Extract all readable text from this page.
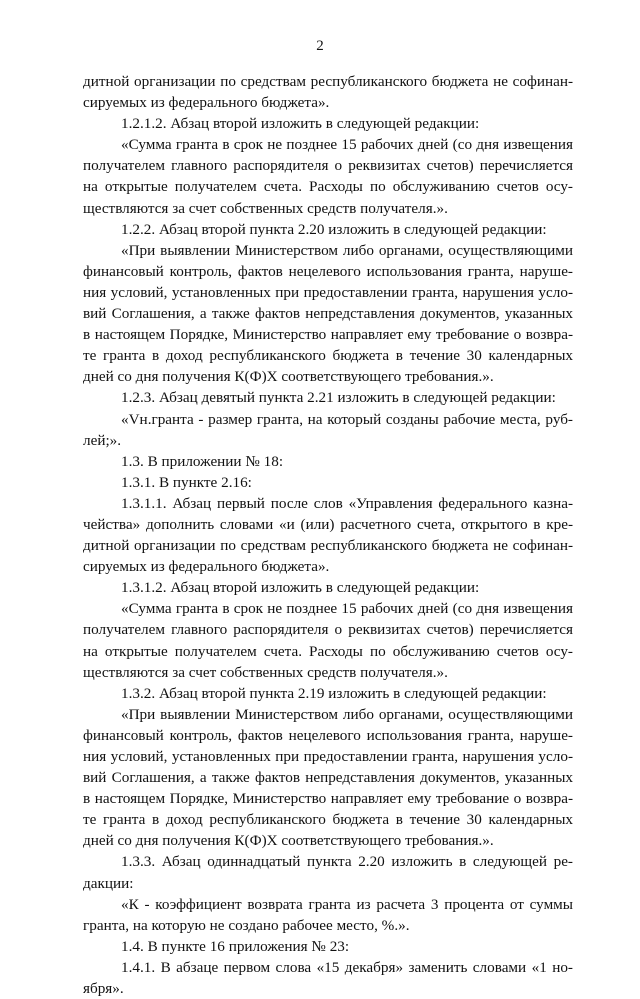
2
дитной организации по средствам республиканского бюджета не софинан-
сируемых из федерального бюджета».
1.2.1.2. Абзац второй изложить в следующей редакции:
«Сумма гранта в срок не позднее 15 рабочих дней (со дня извещения
получателем главного распорядителя о реквизитах счетов) перечисляется
на открытые получателем счета. Расходы по обслуживанию счетов осу-
ществляются за счет собственных средств получателя.».
1.2.2. Абзац второй пункта 2.20 изложить в следующей редакции:
«При выявлении Министерством либо органами, осуществляющими
финансовый контроль, фактов нецелевого использования гранта, наруше-
ния условий, установленных при предоставлении гранта, нарушения усло-
вий Соглашения, а также фактов непредставления документов, указанных
в настоящем Порядке, Министерство направляет ему требование о возвра-
те гранта в доход республиканского бюджета в течение 30 календарных
дней со дня получения К(Ф)Х соответствующего требования.».
1.2.3. Абзац девятый пункта 2.21 изложить в следующей редакции:
«Vн.гранта - размер гранта, на который созданы рабочие места, руб-
лей;».
1.3. В приложении № 18:
1.3.1. В пункте 2.16:
1.3.1.1. Абзац первый после слов «Управления федерального казна-
чейства» дополнить словами «и (или) расчетного счета, открытого в кре-
дитной организации по средствам республиканского бюджета не софинан-
сируемых из федерального бюджета».
1.3.1.2. Абзац второй изложить в следующей редакции:
«Сумма гранта в срок не позднее 15 рабочих дней (со дня извещения
получателем главного распорядителя о реквизитах счетов) перечисляется
на открытые получателем счета. Расходы по обслуживанию счетов осу-
ществляются за счет собственных средств получателя.».
1.3.2. Абзац второй пункта 2.19 изложить в следующей редакции:
«При выявлении Министерством либо органами, осуществляющими
финансовый контроль, фактов нецелевого использования гранта, наруше-
ния условий, установленных при предоставлении гранта, нарушения усло-
вий Соглашения, а также фактов непредставления документов, указанных
в настоящем Порядке, Министерство направляет ему требование о возвра-
те гранта в доход республиканского бюджета в течение 30 календарных
дней со дня получения К(Ф)Х соответствующего требования.».
1.3.3. Абзац одиннадцатый пункта 2.20 изложить в следующей ре-
дакции:
«К - коэффициент возврата гранта из расчета 3 процента от суммы
гранта, на которую не создано рабочее место, %.».
1.4. В пункте 16 приложения № 23:
1.4.1. В абзаце первом слова «15 декабря» заменить словами «1 но-
ября».
